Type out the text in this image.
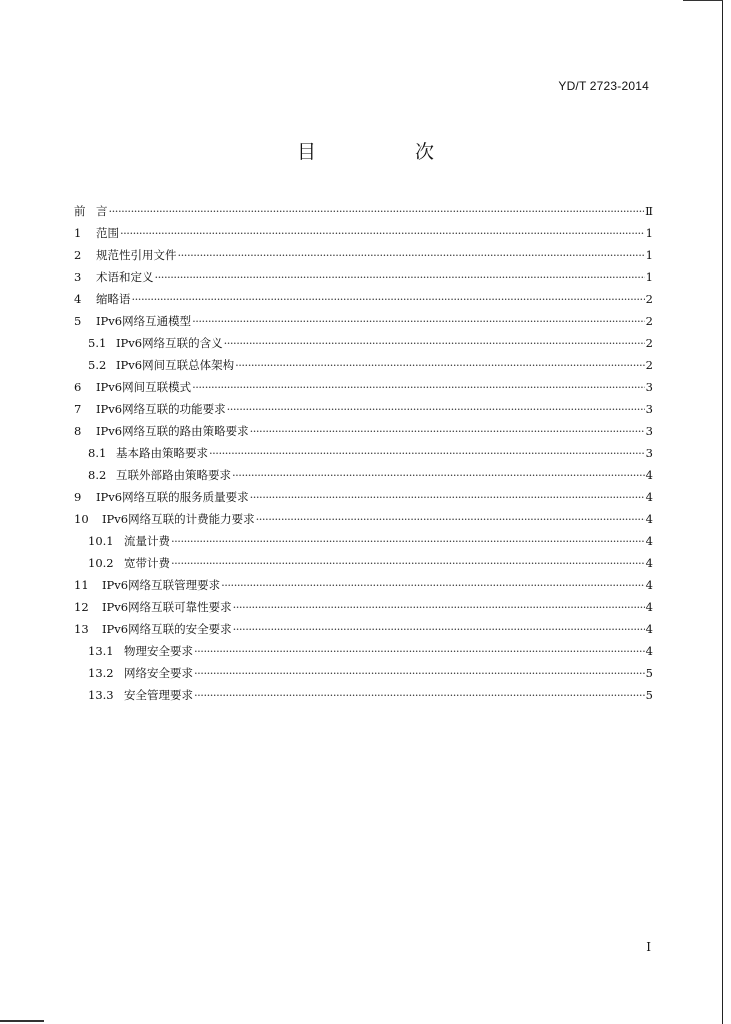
YD/T 2723-2014
目　次
前 言 ·····	Ⅱ
1	范围 ·····	1
2	规范性引用文件 ·····	1
3	术语和定义 ·····	1
4	缩略语 ·····	2
5	IPv6网络互通模型 ·····	2
5.1 IPv6网络互联的含义 ·····	2
5.2 IPv6网间互联总体架构 ·····	2
6	IPv6网间互联模式 ·····	3
7	IPv6网络互联的功能要求 ·····	3
8	IPv6网络互联的路由策略要求 ·····	3
8.1 基本路由策略要求 ·····	3
8.2 互联外部路由策略要求 ·····	4
9	IPv6网络互联的服务质量要求 ·····	4
10	IPv6网络互联的计费能力要求 ·····	4
10.1 流量计费 ·····	4
10.2 宽带计费 ·····	4
11	IPv6网络互联管理要求 ·····	4
12	IPv6网络互联可靠性要求 ·····	4
13	IPv6网络互联的安全要求 ·····	4
13.1 物理安全要求 ·····	4
13.2 网络安全要求 ·····	5
13.3 安全管理要求 ·····	5
I
